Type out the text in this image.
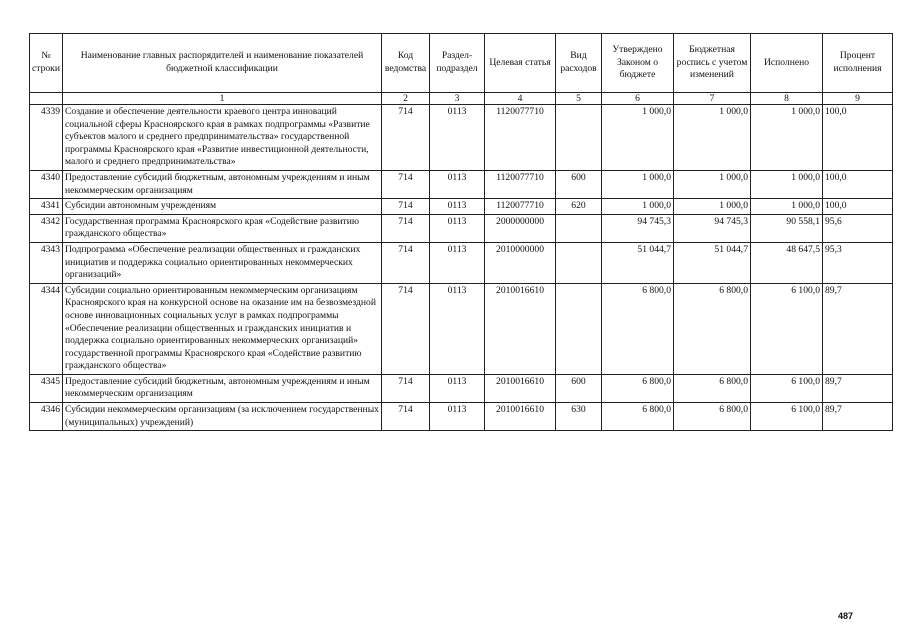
№ строки	Наименование главных распорядителей и наименование показателей бюджетной классификации	Код ведомства	Раздел-подраздел	Целевая статья	Вид расходов	Утверждено Законом о бюджете	Бюджетная роспись с учетом изменений	Исполнено	Процент исполнения
	1	2	3	4	5	6	7	8	9
4339	Создание и обеспечение деятельности краевого центра инноваций социальной сферы Красноярского края в рамках подпрограммы «Развитие субъектов малого и среднего предпринимательства» государственной программы Красноярского края «Развитие инвестиционной деятельности, малого и среднего предпринимательства»	714	0113	1120077710		1 000,0	1 000,0	1 000,0	100,0
4340	Предоставление субсидий бюджетным, автономным учреждениям и иным некоммерческим организациям	714	0113	1120077710	600	1 000,0	1 000,0	1 000,0	100,0
4341	Субсидии автономным учреждениям	714	0113	1120077710	620	1 000,0	1 000,0	1 000,0	100,0
4342	Государственная программа Красноярского края «Содействие развитию гражданского общества»	714	0113	2000000000		94 745,3	94 745,3	90 558,1	95,6
4343	Подпрограмма «Обеспечение реализации общественных и гражданских инициатив и поддержка социально ориентированных некоммерческих организаций»	714	0113	2010000000		51 044,7	51 044,7	48 647,5	95,3
4344	Субсидии социально ориентированным некоммерческим организациям Красноярского края на конкурсной основе на оказание им на безвозмездной основе инновационных социальных услуг в рамках подпрограммы «Обеспечение реализации общественных и гражданских инициатив и поддержка социально ориентированных некоммерческих организаций» государственной программы Красноярского края «Содействие развитию гражданского общества»	714	0113	2010016610		6 800,0	6 800,0	6 100,0	89,7
4345	Предоставление субсидий бюджетным, автономным учреждениям и иным некоммерческим организациям	714	0113	2010016610	600	6 800,0	6 800,0	6 100,0	89,7
4346	Субсидии некоммерческим организациям (за исключением государственных (муниципальных) учреждений)	714	0113	2010016610	630	6 800,0	6 800,0	6 100,0	89,7
487
